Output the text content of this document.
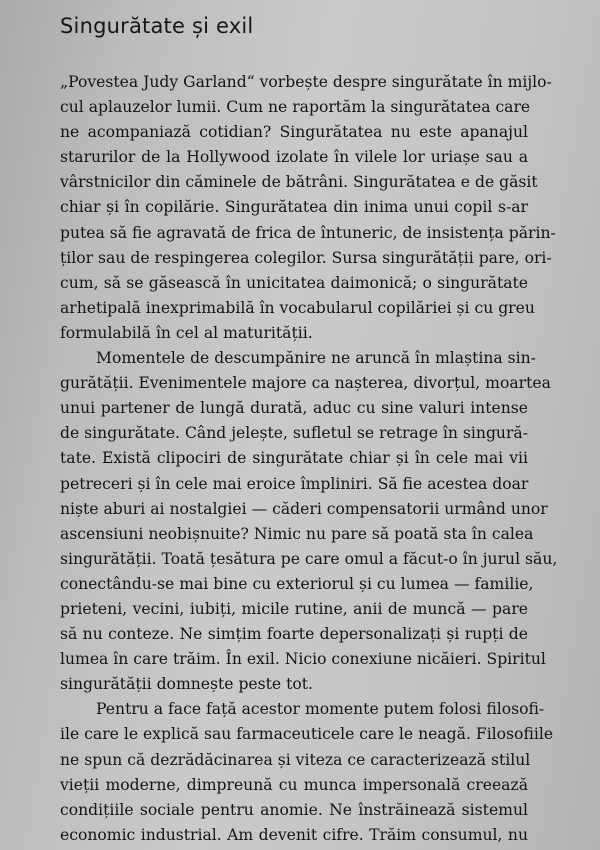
Singurătate și exil

„Povestea Judy Garland“ vorbește despre singurătate în mijlo-
cul aplauzelor lumii. Cum ne raportăm la singurătatea care
ne acompaniază cotidian? Singurătatea nu este apanajul
starurilor de la Hollywood izolate în vilele lor uriașe sau a
vârstnicilor din căminele de bătrâni. Singurătatea e de găsit
chiar și în copilărie. Singurătatea din inima unui copil s-ar
putea să fie agravată de frica de întuneric, de insistența părin-
ților sau de respingerea colegilor. Sursa singurătății pare, ori-
cum, să se găsească în unicitatea daimonică; o singurătate
arhetipală inexprimabilă în vocabularul copilăriei și cu greu
formulabilă în cel al maturității.

Momentele de descumpănire ne aruncă în mlaștina sin-
gurătății. Evenimentele majore ca nașterea, divorțul, moartea
unui partener de lungă durată, aduc cu sine valuri intense
de singurătate. Când jelește, sufletul se retrage în singură-
tate. Există clipociri de singurătate chiar și în cele mai vii
petreceri și în cele mai eroice împliniri. Să fie acestea doar
niște aburi ai nostalgiei — căderi compensatorii urmând unor
ascensiuni neobișnuite? Nimic nu pare să poată sta în calea
singurătății. Toată țesătura pe care omul a făcut-o în jurul său,
conectându-se mai bine cu exteriorul și cu lumea — familie,
prieteni, vecini, iubiți, micile rutine, anii de muncă — pare
să nu conteze. Ne simțim foarte depersonalizați și rupți de
lumea în care trăim. În exil. Nicio conexiune nicăieri. Spiritul
singurătății domnește peste tot.

Pentru a face față acestor momente putem folosi filosofi-
ile care le explică sau farmaceuticele care le neagă. Filosofiile
ne spun că dezrădăcinarea și viteza ce caracterizează stilul
vieții moderne, dimpreună cu munca impersonală creează
condițiile sociale pentru anomie. Ne înstrăinează sistemul
economic industrial. Am devenit cifre. Trăim consumul, nu
